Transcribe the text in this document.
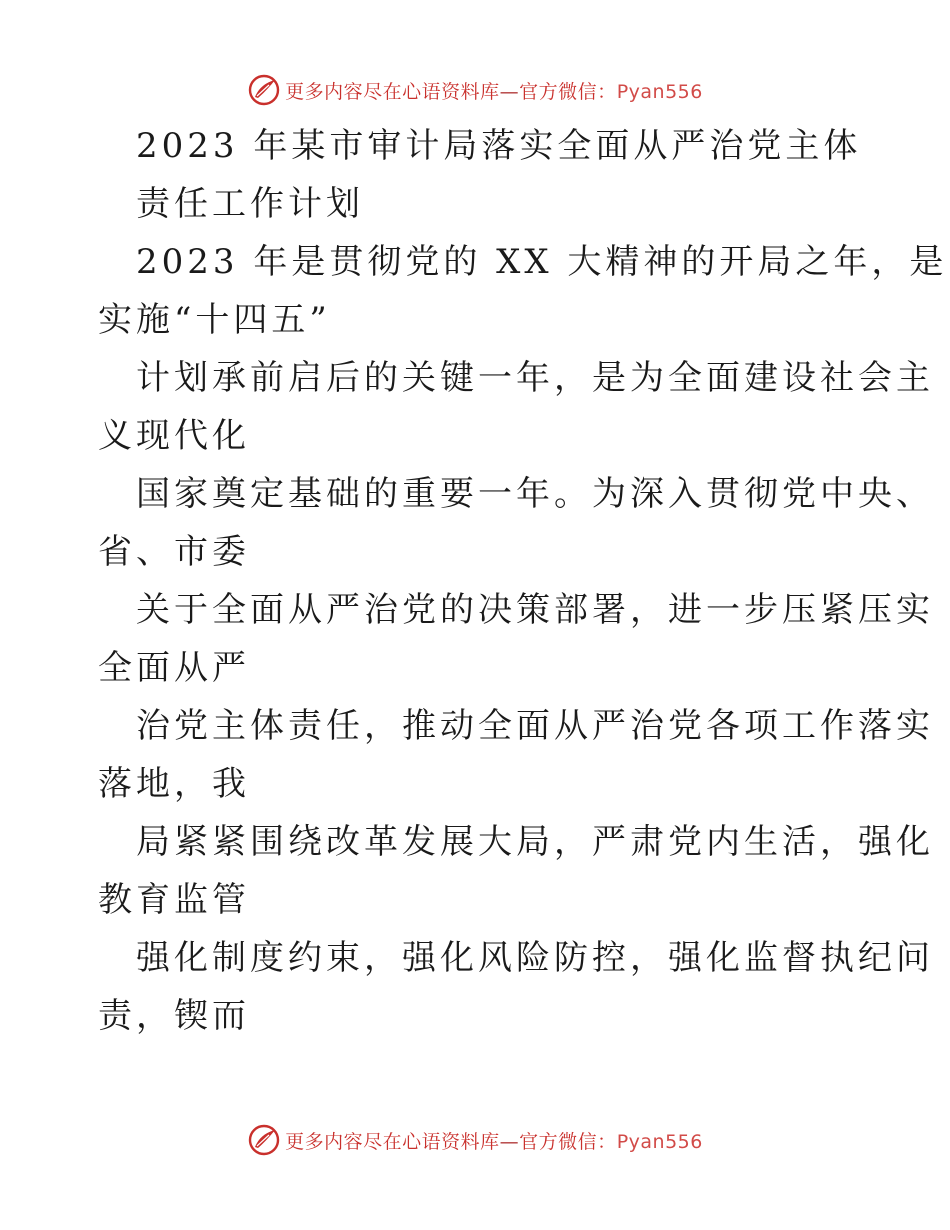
更多内容尽在心语资料库—官方微信：Pyan556
2023 年某市审计局落实全面从严治党主体
责任工作计划
2023 年是贯彻党的 XX 大精神的开局之年，是
实施“十四五”
计划承前启后的关键一年，是为全面建设社会主
义现代化
国家奠定基础的重要一年。为深入贯彻党中央、
省、市委
关于全面从严治党的决策部署，进一步压紧压实
全面从严
治党主体责任，推动全面从严治党各项工作落实
落地，我
局紧紧围绕改革发展大局，严肃党内生活，强化
教育监管
强化制度约束，强化风险防控，强化监督执纪问
责，锲而
更多内容尽在心语资料库—官方微信：Pyan556
